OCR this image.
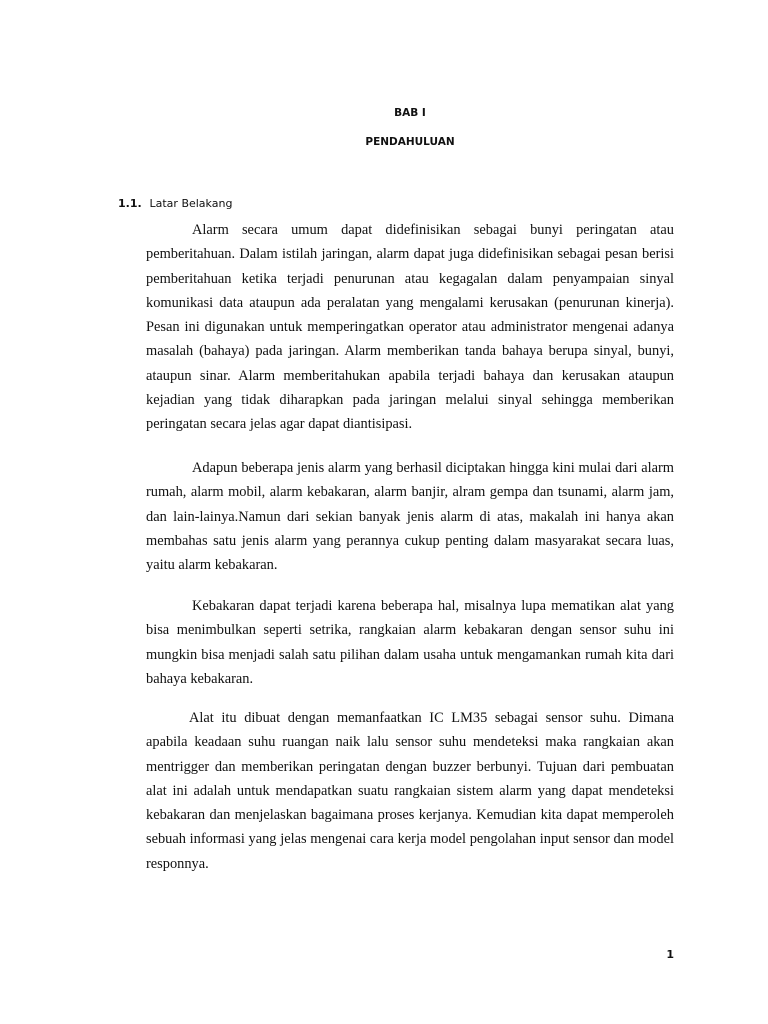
BAB I
PENDAHULUAN
1.1. Latar Belakang

Alarm secara umum dapat didefinisikan sebagai bunyi peringatan atau pemberitahuan. Dalam istilah jaringan, alarm dapat juga didefinisikan sebagai pesan berisi pemberitahuan ketika terjadi penurunan atau kegagalan dalam penyampaian sinyal komunikasi data ataupun ada peralatan yang mengalami kerusakan (penurunan kinerja). Pesan ini digunakan untuk memperingatkan operator atau administrator mengenai adanya masalah (bahaya) pada jaringan. Alarm memberikan tanda bahaya berupa sinyal, bunyi, ataupun sinar. Alarm memberitahukan apabila terjadi bahaya dan kerusakan ataupun kejadian yang tidak diharapkan pada jaringan melalui sinyal sehingga memberikan peringatan secara jelas agar dapat diantisipasi.

Adapun beberapa jenis alarm yang berhasil diciptakan hingga kini mulai dari alarm rumah, alarm mobil, alarm kebakaran, alarm banjir, alram gempa dan tsunami, alarm jam, dan lain-lainya.Namun dari sekian banyak jenis alarm di atas, makalah ini hanya akan membahas satu jenis alarm yang perannya cukup penting dalam masyarakat secara luas, yaitu alarm kebakaran.

Kebakaran dapat terjadi karena beberapa hal, misalnya lupa mematikan alat yang bisa menimbulkan seperti setrika, rangkaian alarm kebakaran dengan sensor suhu ini mungkin bisa menjadi salah satu pilihan dalam usaha untuk mengamankan rumah kita dari bahaya kebakaran.

Alat itu dibuat dengan memanfaatkan IC LM35 sebagai sensor suhu. Dimana apabila keadaan suhu ruangan naik lalu sensor suhu mendeteksi maka rangkaian akan mentrigger dan memberikan peringatan dengan buzzer berbunyi. Tujuan dari pembuatan alat ini adalah untuk mendapatkan suatu rangkaian sistem alarm yang dapat mendeteksi kebakaran dan menjelaskan bagaimana proses kerjanya. Kemudian kita dapat memperoleh sebuah informasi yang jelas mengenai cara kerja model pengolahan input sensor dan model responnya.

1
